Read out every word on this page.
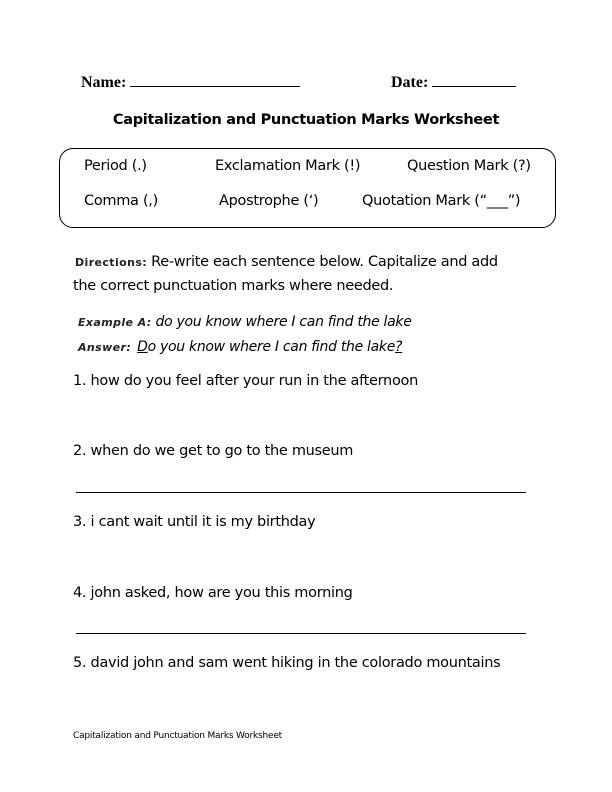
Name:	Date:
Capitalization and Punctuation Marks Worksheet
Period (.)	Exclamation Mark (!)	Question Mark (?)
Comma (,)	Apostrophe (‘)	Quotation Mark (“___”)
Directions: Re-write each sentence below. Capitalize and add
the correct punctuation marks where needed.
Example A: do you know where I can find the lake
Answer: Do you know where I can find the lake?
1. how do you feel after your run in the afternoon
2. when do we get to go to the museum
3. i cant wait until it is my birthday
4. john asked, how are you this morning
5. david john and sam went hiking in the colorado mountains
Capitalization and Punctuation Marks Worksheet
